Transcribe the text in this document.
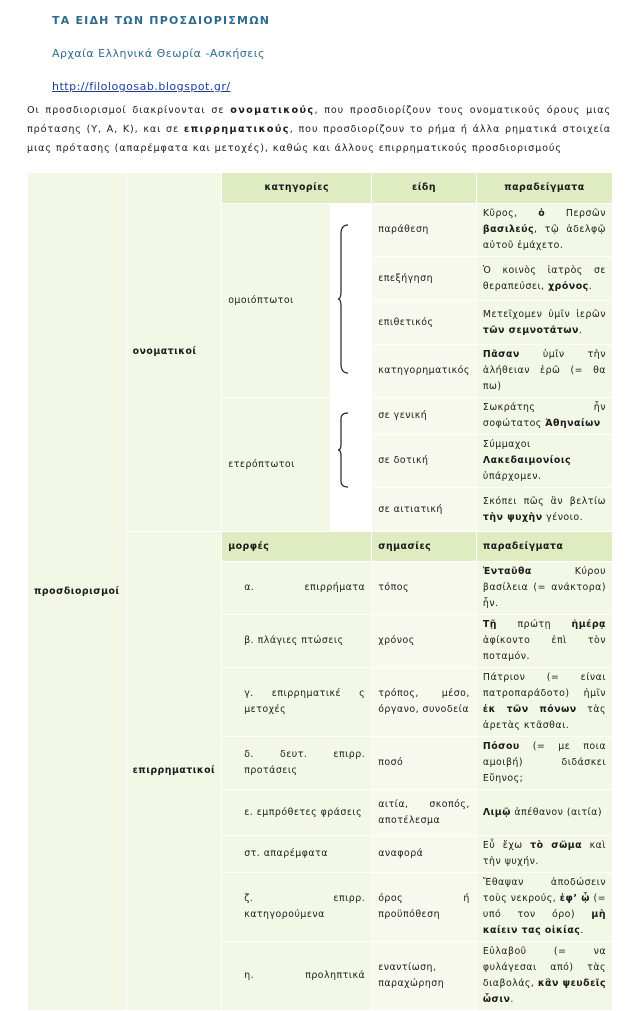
ΤΑ ΕΙΔΗ ΤΩΝ ΠΡΟΣΔΙΟΡΙΣΜΩΝ
Αρχαία Ελληνικά Θεωρία -Ασκήσεις
http://filologosab.blogspot.gr/
Οι προσδιορισμοί διακρίνονται σε ονοματικούς, που προσδιορίζουν τους ονοματικούς όρους μιας πρότασης (Υ, Α, Κ), και σε επιρρηματικούς, που προσδιορίζουν το ρήμα ή άλλα ρηματικά στοιχεία μιας πρότασης (απαρέμφατα και μετοχές), καθώς και άλλους επιρρηματικούς προσδιορισμούς
προσδιορισμοί	ονοματικοί	κατηγορίες		είδη	παραδείγματα
		ομοιόπτωτοι		παράθεση	Κῦρος, ὁ Περσῶν βασιλεύς, τῷ ἀδελφῷ αὐτοῦ ἐμάχετο.
				επεξήγηση	Ὁ κοινὸς ἰατρὸς σε θεραπεύσει, χρόνος.
				επιθετικός	Μετεῖχομεν ὑμῖν ἱερῶν τῶν σεμνοτάτων.
				κατηγορηματικός	Πᾶσαν ὑμῖν τὴν ἀλήθειαν ἐρῶ (= θα πω)
		ετερόπτωτοι		σε γενική	Σωκράτης ἦν σοφώτατος Ἀθηναίων
				σε δοτική	Σύμμαχοι Λακεδαιμονίοις ὑπάρχομεν.
				σε αιτιατική	Σκόπει πῶς ἂν βελτίω τὴν ψυχὴν γένοιο.
	επιρρηματικοί	μορφές		σημασίες	παραδείγματα
		α. επιρρήματα		τόπος	Ἐνταῦθα Κύρου βασίλεια (= ανάκτορα) ἦν.
		β. πλάγιες πτώσεις		χρόνος	Τῇ πρώτῃ ἡμέρᾳ ἀφίκοντο ἐπὶ τὸν ποταμόν.
		γ. επιρρηματικέ ς μετοχές		τρόπος, μέσο, όργανο, συνοδεία	Πάτριον (= είναι πατροπαράδοτο) ἡμῖν ἐκ τῶν πόνων τὰς ἀρετὰς κτᾶσθαι.
		δ. δευτ. επιρρ. προτάσεις		ποσό	Πόσου (= με ποια αμοιβή) διδάσκει Εὔηνος;
		ε. εμπρόθετες φράσεις		αιτία, σκοπός, αποτέλεσμα	Λιμῷ ἀπέθανον (αιτία)
		στ. απαρέμφατα		αναφορά	Εὖ ἔχω τὸ σῶμα καὶ τὴν ψυχήν.
		ζ. επιρρ. κατηγορούμενα		όρος ή προϋπόθεση	Ἔθαψαν ἀποδώσειν τοὺς νεκρούς, ἐφ’ ᾧ (= υπό τον όρο) μὴ καίειν τας οἰκίας.
		η. προληπτικά		εναντίωση, παραχώρηση	Εὐλαβοῦ (= να φυλάγεσαι από) τὰς διαβολάς, κἂν ψευδεῖς ὦσιν.
